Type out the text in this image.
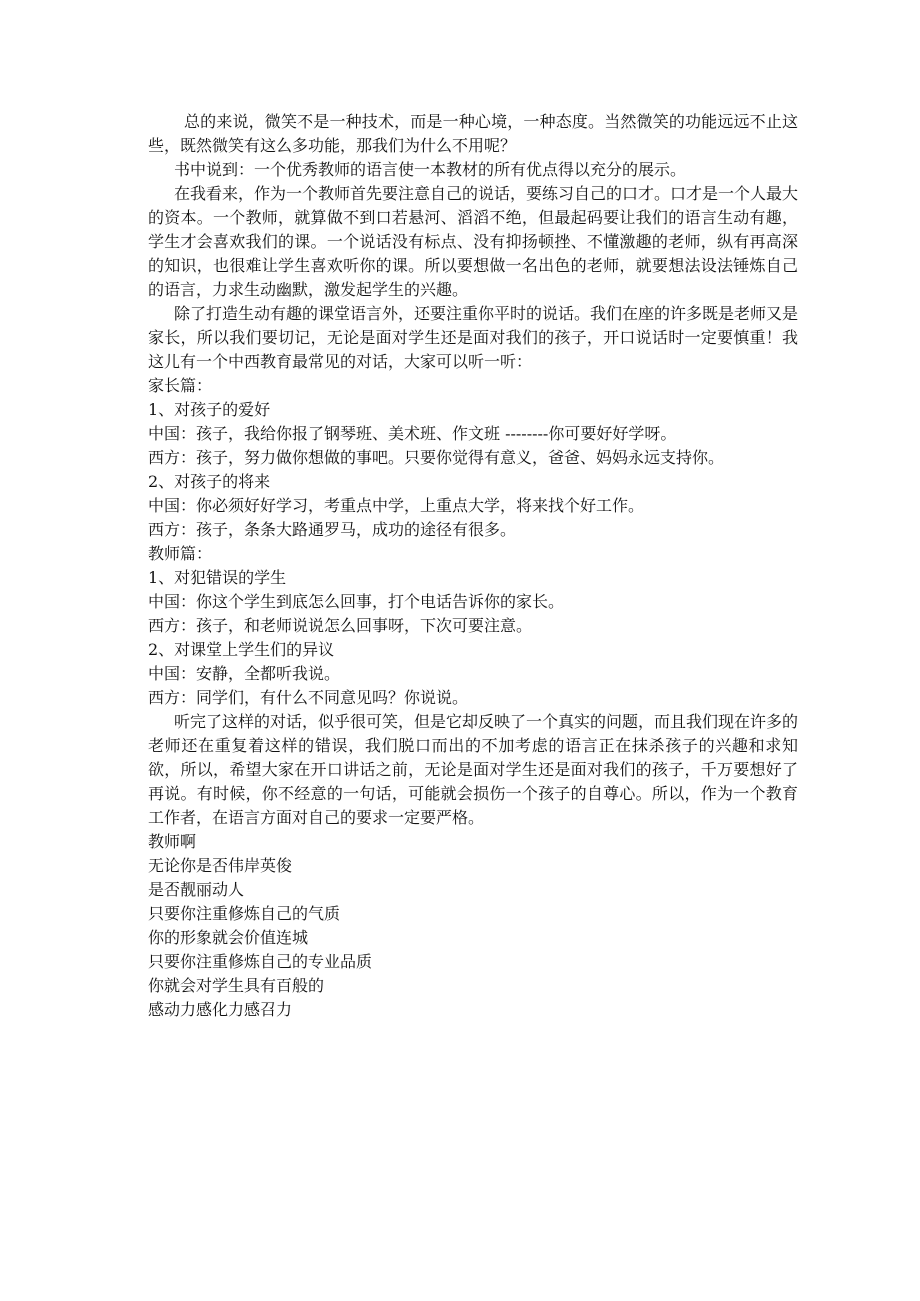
总的来说，微笑不是一种技术，而是一种心境，一种态度。当然微笑的功能远远不止这些，既然微笑有这么多功能，那我们为什么不用呢？

书中说到：一个优秀教师的语言使一本教材的所有优点得以充分的展示。

在我看来，作为一个教师首先要注意自己的说话，要练习自己的口才。口才是一个人最大的资本。一个教师，就算做不到口若悬河、滔滔不绝，但最起码要让我们的语言生动有趣，学生才会喜欢我们的课。一个说话没有标点、没有抑扬顿挫、不懂激趣的老师，纵有再高深的知识，也很难让学生喜欢听你的课。所以要想做一名出色的老师，就要想法设法锤炼自己的语言，力求生动幽默，激发起学生的兴趣。

除了打造生动有趣的课堂语言外，还要注重你平时的说话。我们在座的许多既是老师又是家长，所以我们要切记，无论是面对学生还是面对我们的孩子，开口说话时一定要慎重！我这儿有一个中西教育最常见的对话，大家可以听一听：

家长篇：

1、对孩子的爱好

中国：孩子，我给你报了钢琴班、美术班、作文班 --------你可要好好学呀。

西方：孩子，努力做你想做的事吧。只要你觉得有意义，爸爸、妈妈永远支持你。

2、对孩子的将来

中国：你必须好好学习，考重点中学，上重点大学，将来找个好工作。

西方：孩子，条条大路通罗马，成功的途径有很多。

教师篇：

1、对犯错误的学生

中国：你这个学生到底怎么回事，打个电话告诉你的家长。

西方：孩子，和老师说说怎么回事呀，下次可要注意。

2、对课堂上学生们的异议

中国：安静，全都听我说。

西方：同学们，有什么不同意见吗？你说说。

听完了这样的对话，似乎很可笑，但是它却反映了一个真实的问题，而且我们现在许多的老师还在重复着这样的错误，我们脱口而出的不加考虑的语言正在抹杀孩子的兴趣和求知欲，所以，希望大家在开口讲话之前，无论是面对学生还是面对我们的孩子，千万要想好了再说。有时候，你不经意的一句话，可能就会损伤一个孩子的自尊心。所以，作为一个教育工作者，在语言方面对自己的要求一定要严格。

教师啊

无论你是否伟岸英俊

是否靓丽动人

只要你注重修炼自己的气质

你的形象就会价值连城

只要你注重修炼自己的专业品质

你就会对学生具有百般的

感动力感化力感召力
